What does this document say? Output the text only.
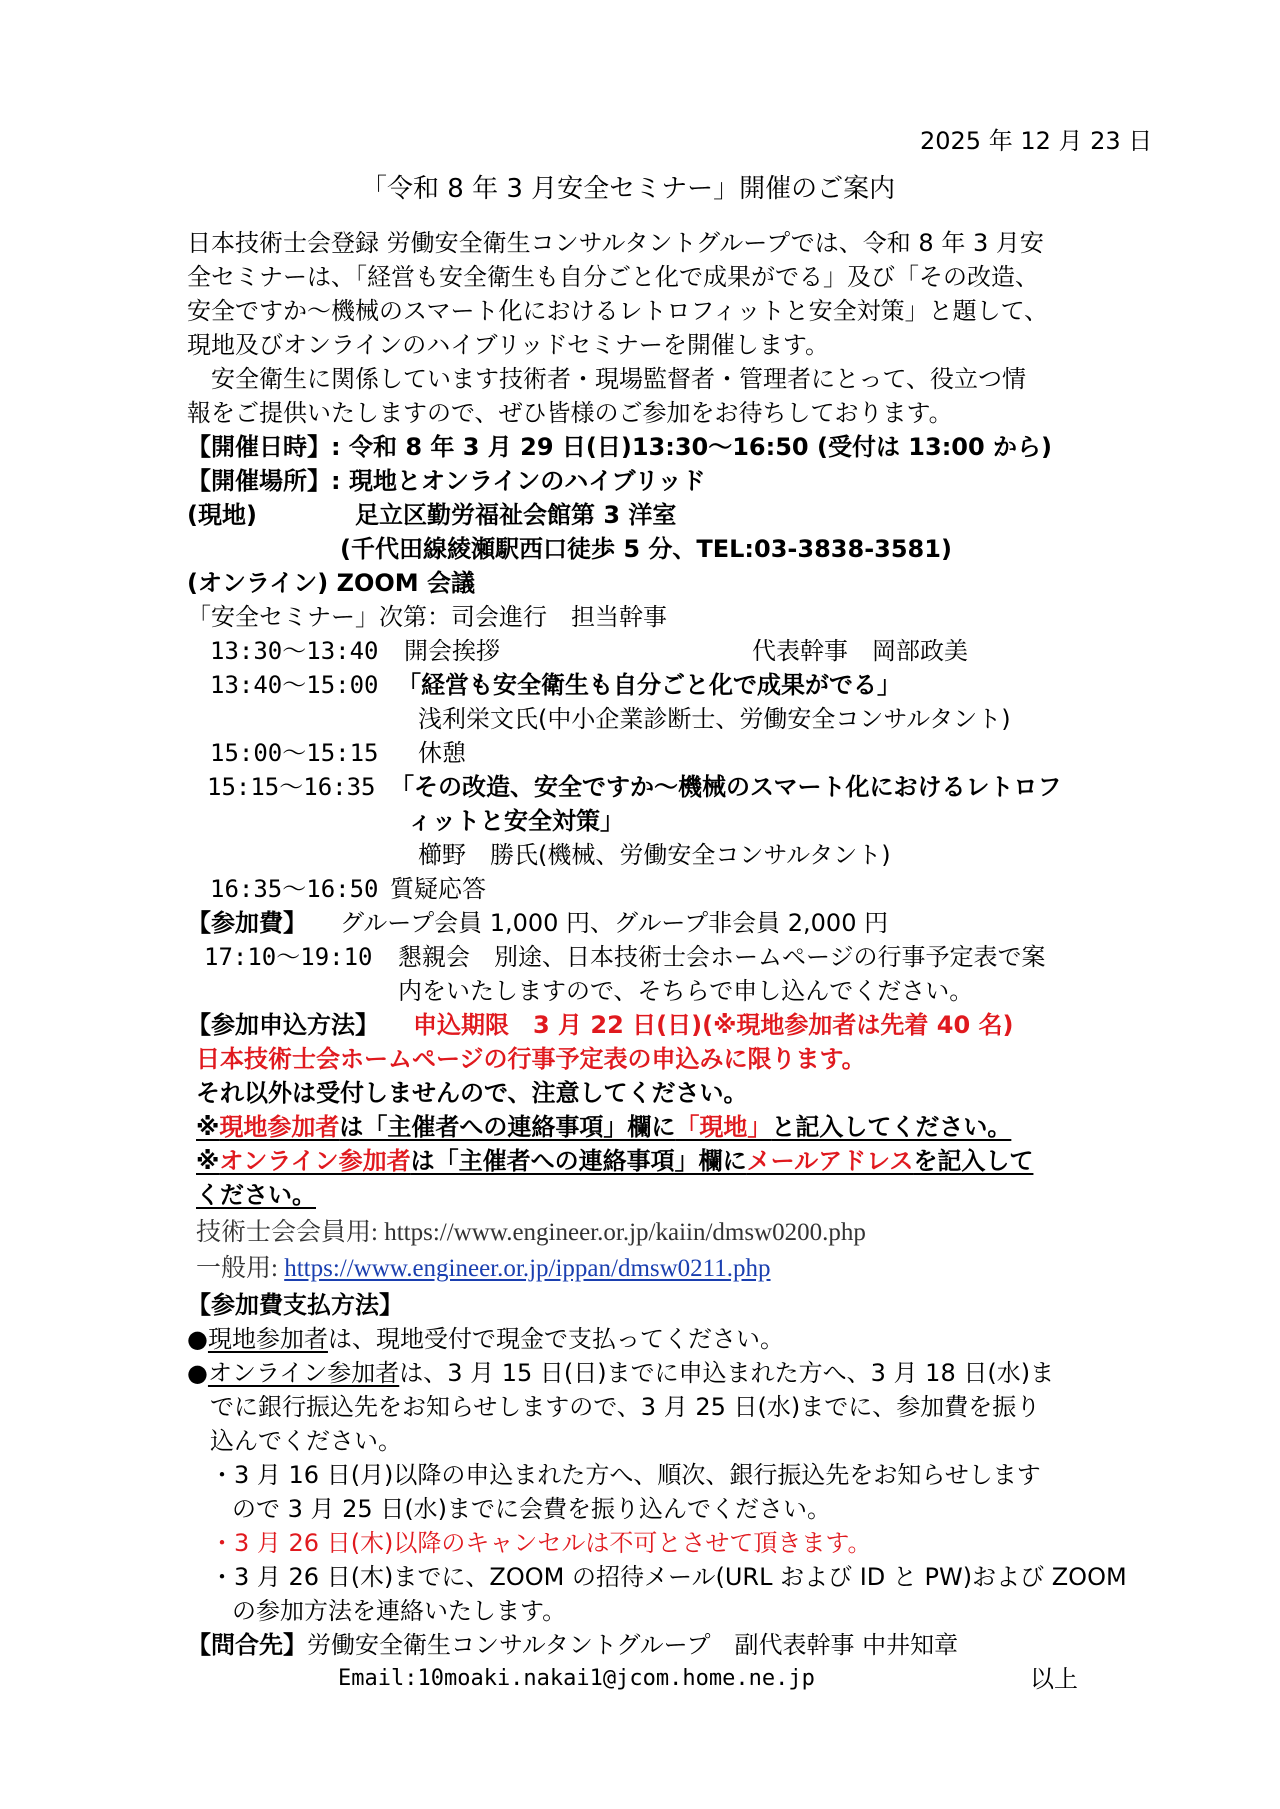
2025 年 12 月 23 日
「令和 8 年 3 月安全セミナー」開催のご案内
日本技術士会登録 労働安全衛生コンサルタントグループでは、令和 8 年 3 月安
全セミナーは、「経営も安全衛生も自分ごと化で成果がでる」及び「その改造、
安全ですか～機械のスマート化におけるレトロフィットと安全対策」と題して、
現地及びオンラインのハイブリッドセミナーを開催します。
　安全衛生に関係しています技術者・現場監督者・管理者にとって、役立つ情
報をご提供いたしますので、ぜひ皆様のご参加をお待ちしております。
【開催日時】: 令和 8 年 3 月 29 日(日)13:30～16:50 (受付は 13:00 から)
【開催場所】: 現地とオンラインのハイブリッド
(現地)	足立区勤労福祉会館第 3 洋室
(千代田線綾瀬駅西口徒歩 5 分、TEL:03-3838-3581)
(オンライン) ZOOM 会議
「安全セミナー」次第：司会進行　担当幹事
13:30～13:40 開会挨拶	代表幹事　岡部政美
13:40～15:00 「経営も安全衛生も自分ごと化で成果がでる」
浅利栄文氏(中小企業診断士、労働安全コンサルタント)
15:00～15:15 休憩
15:15～16:35 「その改造、安全ですか～機械のスマート化におけるレトロフ
ィットと安全対策」
櫛野　勝氏(機械、労働安全コンサルタント)
16:35～16:50 質疑応答
【参加費】 グループ会員 1,000 円、グループ非会員 2,000 円
17:10～19:10 懇親会　別途、日本技術士会ホームページの行事予定表で案
内をいたしますので、そちらで申し込んでください。
【参加申込方法】 申込期限　3 月 22 日(日)(※現地参加者は先着 40 名)
日本技術士会ホームページの行事予定表の申込みに限ります。
それ以外は受付しませんので、注意してください。
※現地参加者は「主催者への連絡事項」欄に「現地」と記入してください。
※オンライン参加者は「主催者への連絡事項」欄にメールアドレスを記入して
ください。
技術士会会員用: https://www.engineer.or.jp/kaiin/dmsw0200.php
一般用: https://www.engineer.or.jp/ippan/dmsw0211.php
【参加費支払方法】
●現地参加者は、現地受付で現金で支払ってください。
●オンライン参加者は、3 月 15 日(日)までに申込まれた方へ、3 月 18 日(水)ま
でに銀行振込先をお知らせしますので、3 月 25 日(水)までに、参加費を振り
込んでください。
・3 月 16 日(月)以降の申込まれた方へ、順次、銀行振込先をお知らせします
ので 3 月 25 日(水)までに会費を振り込んでください。
・3 月 26 日(木)以降のキャンセルは不可とさせて頂きます。
・3 月 26 日(木)までに、ZOOM の招待メール(URL および ID と PW)および ZOOM
の参加方法を連絡いたします。
【問合先】労働安全衛生コンサルタントグループ　副代表幹事 中井知章
Email:10moaki.nakai1@jcom.home.ne.jp	以上
